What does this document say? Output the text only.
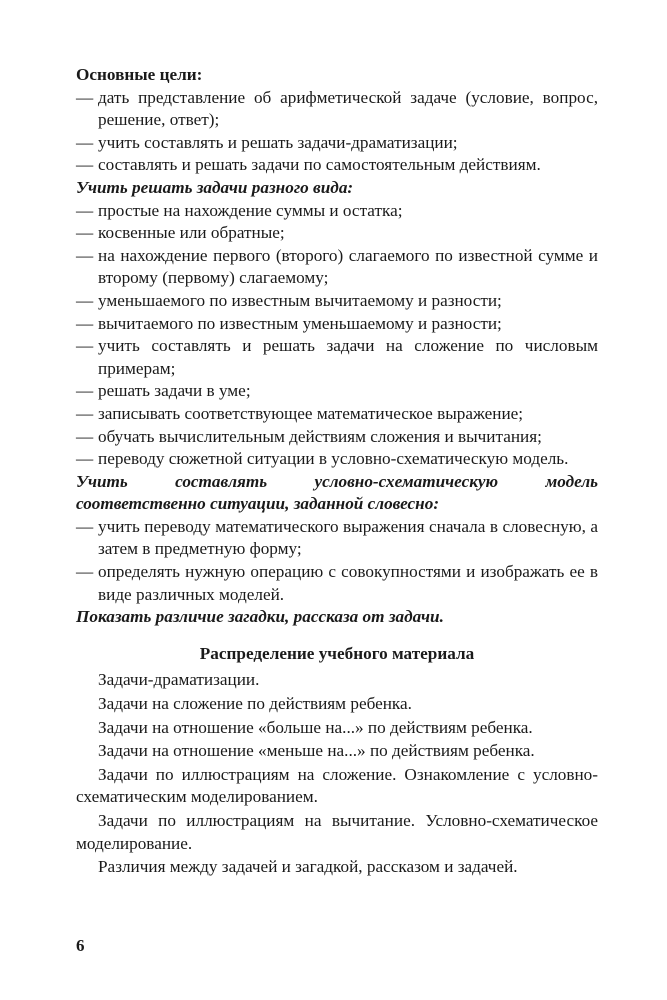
Основные цели:
— дать представление об арифметической задаче (условие, вопрос, решение, ответ);
— учить составлять и решать задачи-драматизации;
— составлять и решать задачи по самостоятельным действиям.
Учить решать задачи разного вида:
— простые на нахождение суммы и остатка;
— косвенные или обратные;
— на нахождение первого (второго) слагаемого по известной сумме и второму (первому) слагаемому;
— уменьшаемого по известным вычитаемому и разности;
— вычитаемого по известным уменьшаемому и разности;
— учить составлять и решать задачи на сложение по числовым примерам;
— решать задачи в уме;
— записывать соответствующее математическое выражение;
— обучать вычислительным действиям сложения и вычитания;
— переводу сюжетной ситуации в условно-схематическую модель.
Учить составлять условно-схематическую модель соответственно ситуации, заданной словесно:
— учить переводу математического выражения сначала в словесную, а затем в предметную форму;
— определять нужную операцию с совокупностями и изображать ее в виде различных моделей.
Показать различие загадки, рассказа от задачи.
Распределение учебного материала
Задачи-драматизации.
Задачи на сложение по действиям ребенка.
Задачи на отношение «больше на...» по действиям ребенка.
Задачи на отношение «меньше на...» по действиям ребенка.
Задачи по иллюстрациям на сложение. Ознакомление с условно-схематическим моделированием.
Задачи по иллюстрациям на вычитание. Условно-схематическое моделирование.
Различия между задачей и загадкой, рассказом и задачей.
6
